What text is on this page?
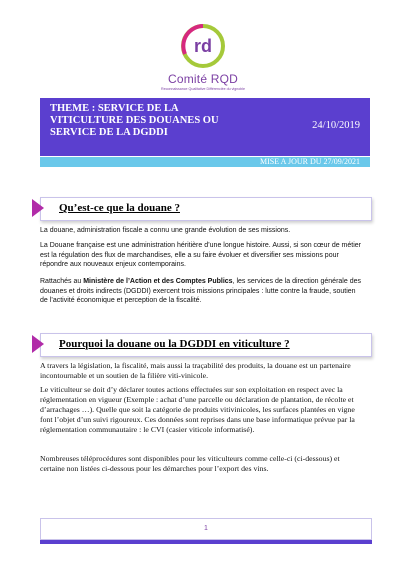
rd
Comité RQD
Reconnaissance Qualitative Différenciée du vignoble
THEME : SERVICE DE LA VITICULTURE DES DOUANES OU SERVICE DE LA DGDDI
24/10/2019
MISE A JOUR DU 27/09/2021
Qu’est-ce que la douane ?

La douane, administration fiscale a connu une grande évolution de ses missions.

La Douane française est une administration héritière d’une longue histoire. Aussi, si son cœur de métier est la régulation des flux de marchandises, elle a su faire évoluer et diversifier ses missions pour répondre aux nouveaux enjeux contemporains.

Rattachés au Ministère de l’Action et des Comptes Publics, les services de la direction générale des douanes et droits indirects (DGDDI) exercent trois missions principales : lutte contre la fraude, soutien de l’activité économique et perception de la fiscalité.

Pourquoi la douane ou la DGDDI en viticulture ?

A travers la législation, la fiscalité, mais aussi la traçabilité des produits, la douane est un partenaire incontournable et un soutien de la filière viti-vinicole.

Le viticulteur se doit d’y déclarer toutes actions effectuées sur son exploitation en respect avec la réglementation en vigueur (Exemple : achat d’une parcelle ou déclaration de plantation, de récolte et d’arrachages …). Quelle que soit la catégorie de produits vitivinicoles, les surfaces plantées en vigne font l’objet d’un suivi rigoureux. Ces données sont reprises dans une base informatique prévue par la réglementation communautaire : le CVI (casier viticole informatisé).

Nombreuses téléprocédures sont disponibles pour les viticulteurs comme celle-ci (ci-dessous) et certaine non listées ci-dessous pour les démarches pour l’export des vins.

1
